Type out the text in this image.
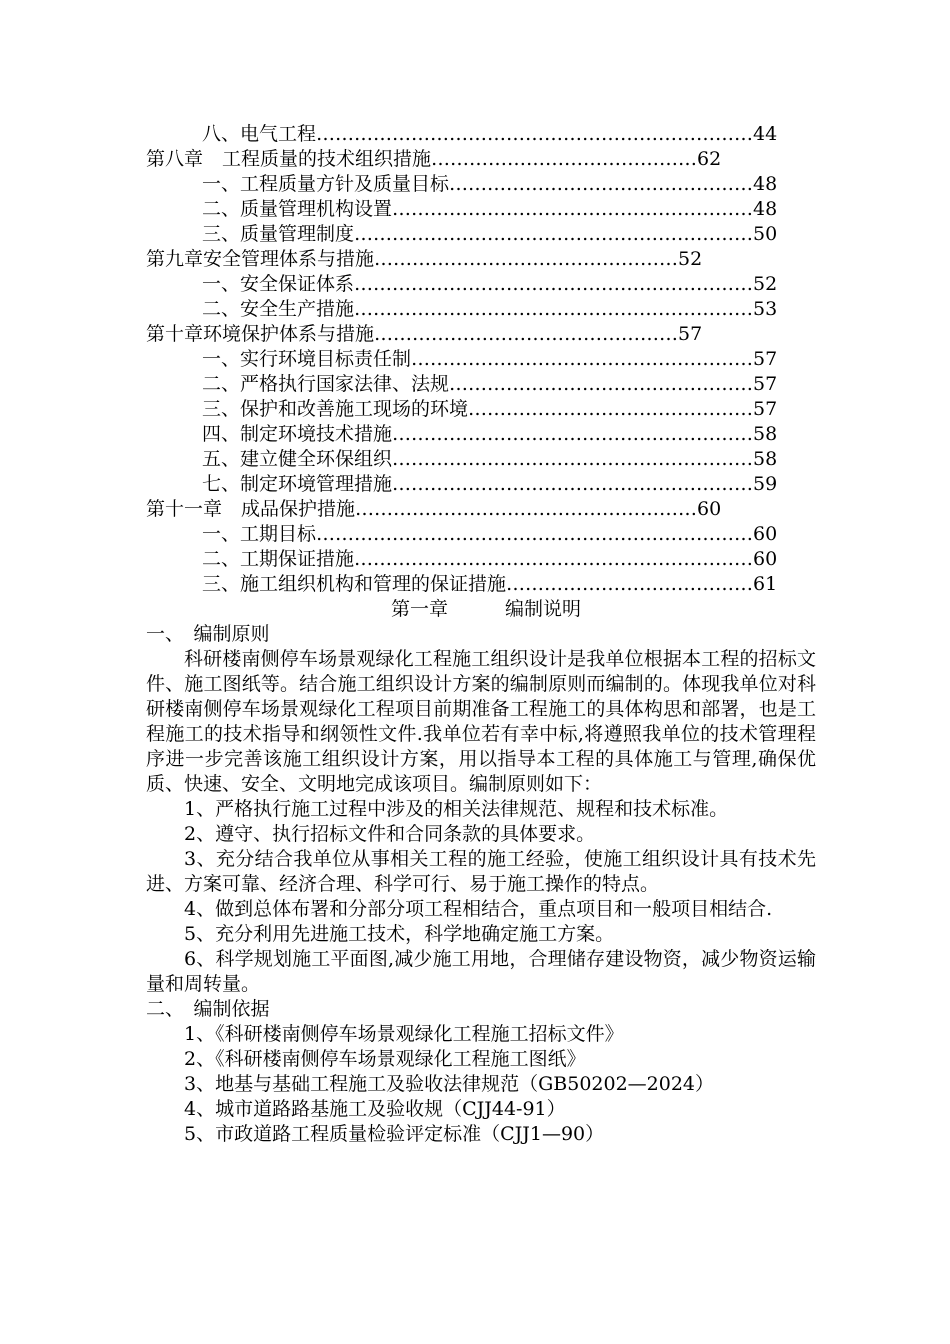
八、电气工程……………………………………………………………44
第八章　工程质量的技术组织措施……………………………………62
一、工程质量方针及质量目标…………………………………………48
二、质量管理机构设置…………………………………………………48
三、质量管理制度………………………………………………………50
第九章安全管理体系与措施…………………………………………52
一、安全保证体系………………………………………………………52
二、安全生产措施………………………………………………………53
第十章环境保护体系与措施…………………………………………57
一、实行环境目标责任制………………………………………………57
二、严格执行国家法律、法规…………………………………………57
三、保护和改善施工现场的环境………………………………………57
四、制定环境技术措施…………………………………………………58
五、建立健全环保组织…………………………………………………58
七、制定环境管理措施…………………………………………………59
第十一章　成品保护措施………………………………………………60
一、工期目标……………………………………………………………60
二、工期保证措施………………………………………………………60
三、施工组织机构和管理的保证措施…………………………………61
第一章　　　编制说明
一、　编制原则

科研楼南侧停车场景观绿化工程施工组织设计是我单位根据本工程的招标文件、施工图纸等。结合施工组织设计方案的编制原则而编制的。体现我单位对科研楼南侧停车场景观绿化工程项目前期准备工程施工的具体构思和部署，也是工程施工的技术指导和纲领性文件.我单位若有幸中标,将遵照我单位的技术管理程序进一步完善该施工组织设计方案，用以指导本工程的具体施工与管理,确保优质、快速、安全、文明地完成该项目。编制原则如下：

1、严格执行施工过程中涉及的相关法律规范、规程和技术标准。

2、遵守、执行招标文件和合同条款的具体要求。

3、充分结合我单位从事相关工程的施工经验，使施工组织设计具有技术先进、方案可靠、经济合理、科学可行、易于施工操作的特点。

4、做到总体布署和分部分项工程相结合，重点项目和一般项目相结合.

5、充分利用先进施工技术，科学地确定施工方案。

6、科学规划施工平面图,减少施工用地，合理储存建设物资，减少物资运输量和周转量。

二、　编制依据

1、《科研楼南侧停车场景观绿化工程施工招标文件》

2、《科研楼南侧停车场景观绿化工程施工图纸》

3、地基与基础工程施工及验收法律规范（GB50202—2024）

4、城市道路路基施工及验收规（CJJ44-91）

5、市政道路工程质量检验评定标准（CJJ1—90）
